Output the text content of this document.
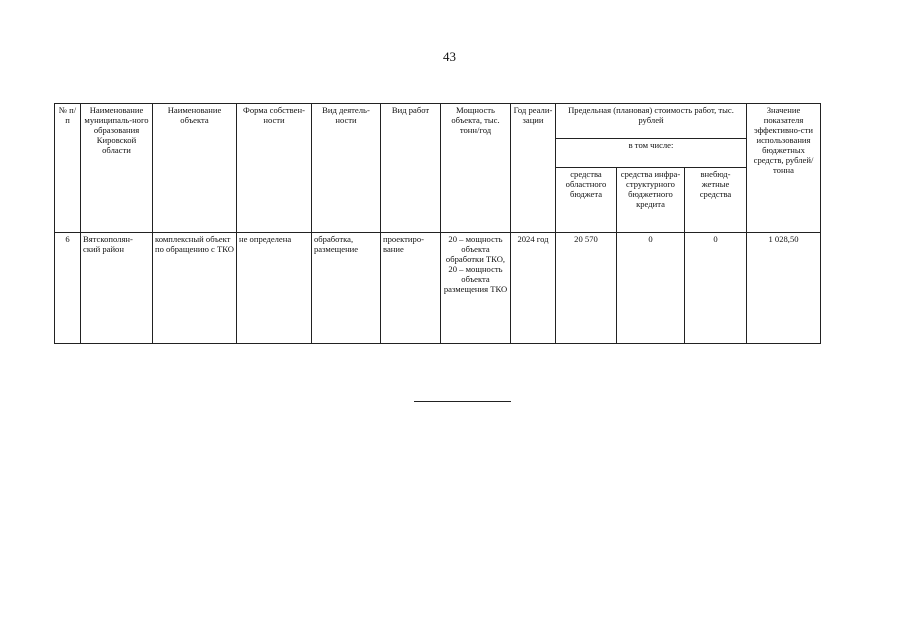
43
№ п/п	Наименование муниципаль-ного образования Кировской области	Наименование объекта	Форма собствен-ности	Вид деятель-ности	Вид работ	Мощность объекта, тыс. тонн/год	Год реали-зации	Предельная (плановая) стоимость работ, тыс. рублей			Значение показателя эффективно-сти использования бюджетных средств, рублей/тонна
								в том числе:			
								средства областного бюджета	средства инфра-структурного бюджетного кредита	внебюд-жетные средства	
6	Вятскополян-ский район	комплексный объект по обращению с ТКО	не определена	обработка, размещение	проектиро-вание	20 – мощность объекта обработки ТКО, 20 – мощность объекта размещения ТКО	2024 год	20 570	0	0	1 028,50
